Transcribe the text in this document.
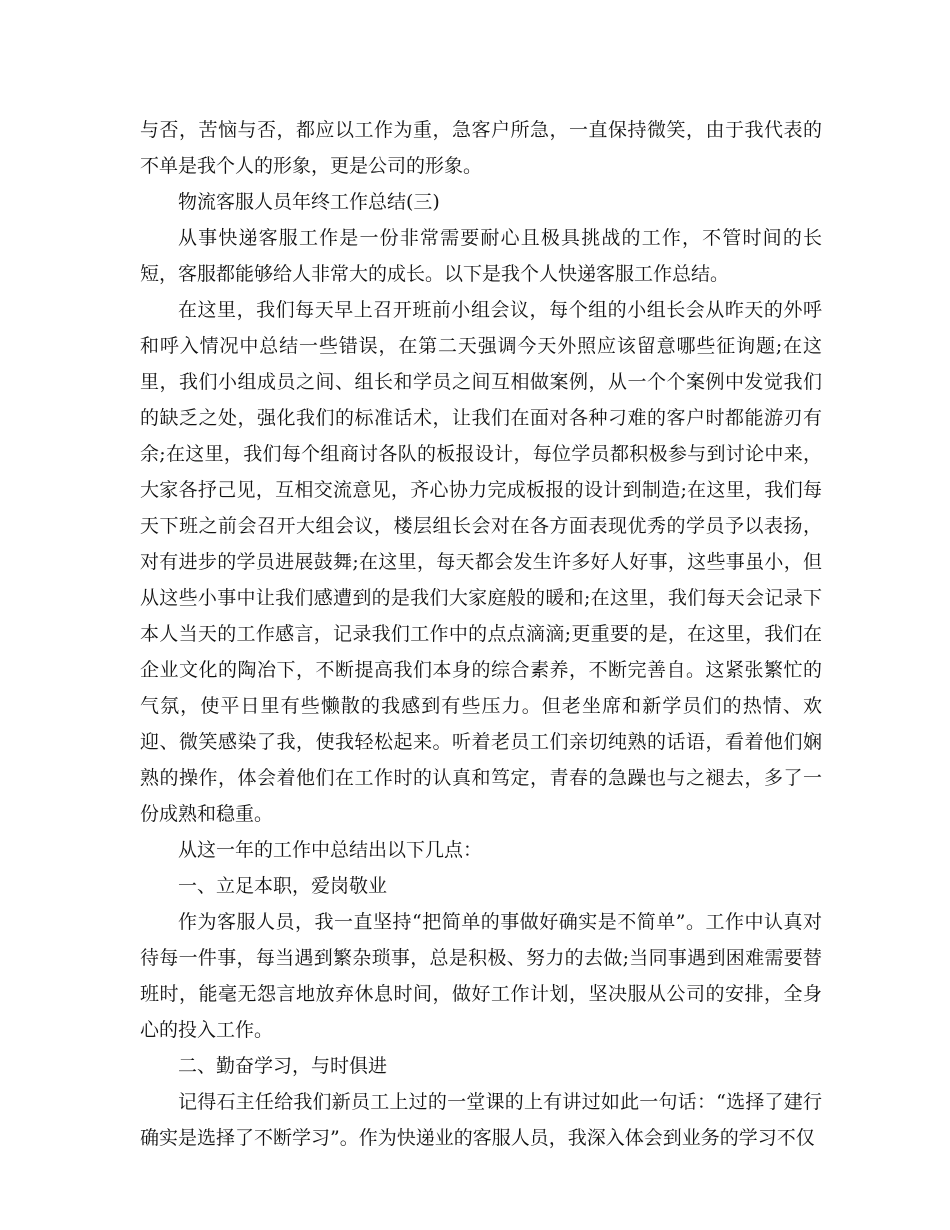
与否，苦恼与否，都应以工作为重，急客户所急，一直保持微笑，由于我代表的不单是我个人的形象，更是公司的形象。

物流客服人员年终工作总结(三)

从事快递客服工作是一份非常需要耐心且极具挑战的工作，不管时间的长短，客服都能够给人非常大的成长。以下是我个人快递客服工作总结。

在这里，我们每天早上召开班前小组会议，每个组的小组长会从昨天的外呼和呼入情况中总结一些错误，在第二天强调今天外照应该留意哪些征询题;在这里，我们小组成员之间、组长和学员之间互相做案例，从一个个案例中发觉我们的缺乏之处，强化我们的标准话术，让我们在面对各种刁难的客户时都能游刃有余;在这里，我们每个组商讨各队的板报设计，每位学员都积极参与到讨论中来，大家各抒己见，互相交流意见，齐心协力完成板报的设计到制造;在这里，我们每天下班之前会召开大组会议，楼层组长会对在各方面表现优秀的学员予以表扬，对有进步的学员进展鼓舞;在这里，每天都会发生许多好人好事，这些事虽小，但从这些小事中让我们感遭到的是我们大家庭般的暖和;在这里，我们每天会记录下本人当天的工作感言，记录我们工作中的点点滴滴;更重要的是，在这里，我们在企业文化的陶冶下，不断提高我们本身的综合素养，不断完善自。这紧张繁忙的气氛，使平日里有些懒散的我感到有些压力。但老坐席和新学员们的热情、欢迎、微笑感染了我，使我轻松起来。听着老员工们亲切纯熟的话语，看着他们娴熟的操作，体会着他们在工作时的认真和笃定，青春的急躁也与之褪去，多了一份成熟和稳重。

从这一年的工作中总结出以下几点：

一、立足本职，爱岗敬业

作为客服人员，我一直坚持“把简单的事做好确实是不简单”。工作中认真对待每一件事，每当遇到繁杂琐事，总是积极、努力的去做;当同事遇到困难需要替班时，能毫无怨言地放弃休息时间，做好工作计划，坚决服从公司的安排，全身心的投入工作。

二、勤奋学习，与时俱进

记得石主任给我们新员工上过的一堂课的上有讲过如此一句话：“选择了建行确实是选择了不断学习”。作为快递业的客服人员，我深入体会到业务的学习不仅
